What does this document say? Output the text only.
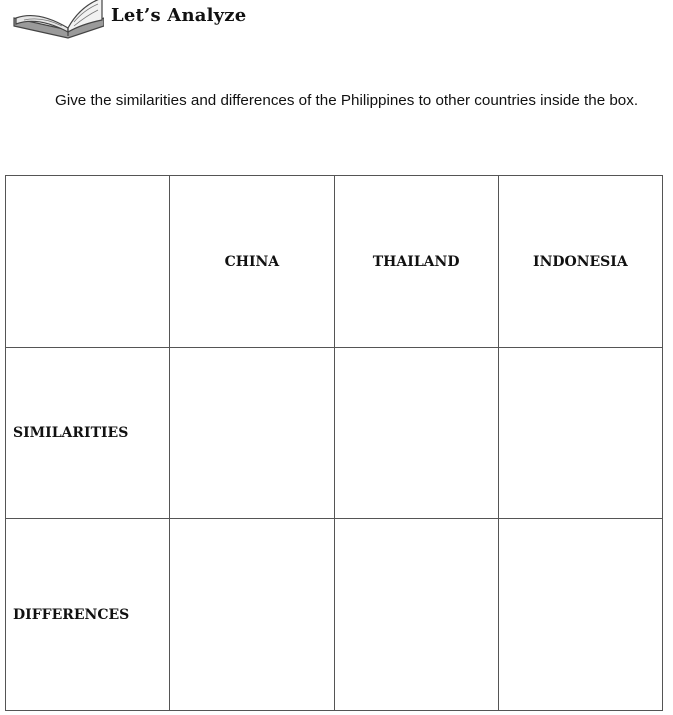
Let’s Analyze

Give the similarities and differences of the Philippines to other countries inside the box.

	CHINA	THAILAND	INDONESIA
SIMILARITIES			
DIFFERENCES			
